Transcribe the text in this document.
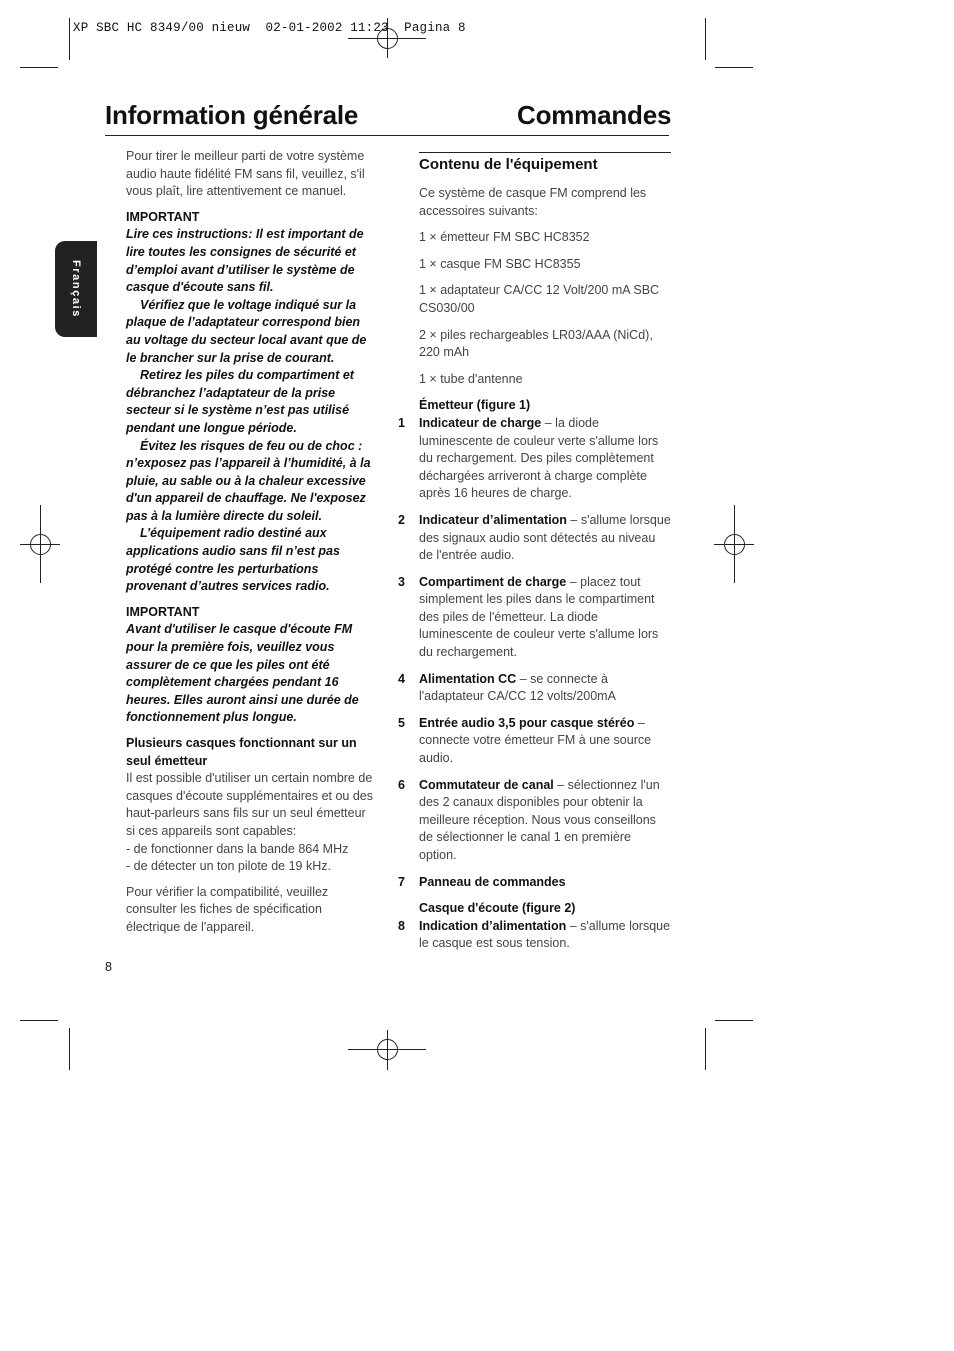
XP SBC HC 8349/00 nieuw  02-01-2002 11:23  Pagina 8
Information générale	Commandes
Français

Pour tirer le meilleur parti de votre système audio haute fidélité FM sans fil, veuillez, s'il vous plaît, lire attentivement ce manuel.

IMPORTANT

Lire ces instructions: Il est important de lire toutes les consignes de sécurité et d’emploi avant d’utiliser le système de casque d'écoute sans fil.

Vérifiez que le voltage indiqué sur la plaque de l’adaptateur correspond bien au voltage du secteur local avant que de le brancher sur la prise de courant.

Retirez les piles du compartiment et débranchez l’adaptateur de la prise secteur si le système n’est pas utilisé pendant une longue période.

Évitez les risques de feu ou de choc : n’exposez pas l’appareil à l’humidité, à la pluie, au sable ou à la chaleur excessive d'un appareil de chauffage. Ne l'exposez pas à la lumière directe du soleil.

L’équipement radio destiné aux applications audio sans fil n’est pas protégé contre les perturbations provenant d’autres services radio.

IMPORTANT

Avant d'utiliser le casque d'écoute FM pour la première fois, veuillez vous assurer de ce que les piles ont été complètement chargées pendant 16 heures. Elles auront ainsi une durée de fonctionnement plus longue.

Plusieurs casques fonctionnant sur un seul émetteur

Il est possible d'utiliser un certain nombre de casques d'écoute supplémentaires et ou des haut-parleurs sans fils sur un seul émetteur si ces appareils sont capables:

- de fonctionner dans la bande 864 MHz

- de détecter un ton pilote de 19 kHz.

Pour vérifier la compatibilité, veuillez consulter les fiches de spécification électrique de l'appareil.

Contenu de l'équipement

Ce système de casque FM comprend les accessoires suivants:

1 × émetteur FM SBC HC8352

1 × casque FM SBC HC8355

1 × adaptateur CA/CC 12 Volt/200 mA SBC CS030/00

2 × piles rechargeables LR03/AAA (NiCd), 220 mAh

1 × tube d'antenne

Émetteur (figure 1)

1 Indicateur de charge – la diode luminescente de couleur verte s'allume lors du rechargement. Des piles complètement déchargées arriveront à charge complète après 16 heures de charge.

2 Indicateur d’alimentation – s'allume lorsque des signaux audio sont détectés au niveau de l'entrée audio.

3 Compartiment de charge – placez tout simplement les piles dans le compartiment des piles de l'émetteur. La diode luminescente de couleur verte s'allume lors du rechargement.

4 Alimentation CC – se connecte à l'adaptateur CA/CC 12 volts/200mA

5 Entrée audio 3,5 pour casque stéréo – connecte votre émetteur FM à une source audio.

6 Commutateur de canal – sélectionnez l'un des 2 canaux disponibles pour obtenir la meilleure réception. Nous vous conseillons de sélectionner le canal 1 en première option.

7 Panneau de commandes

Casque d'écoute (figure 2)

8 Indication d’alimentation – s'allume lorsque le casque est sous tension.

8
